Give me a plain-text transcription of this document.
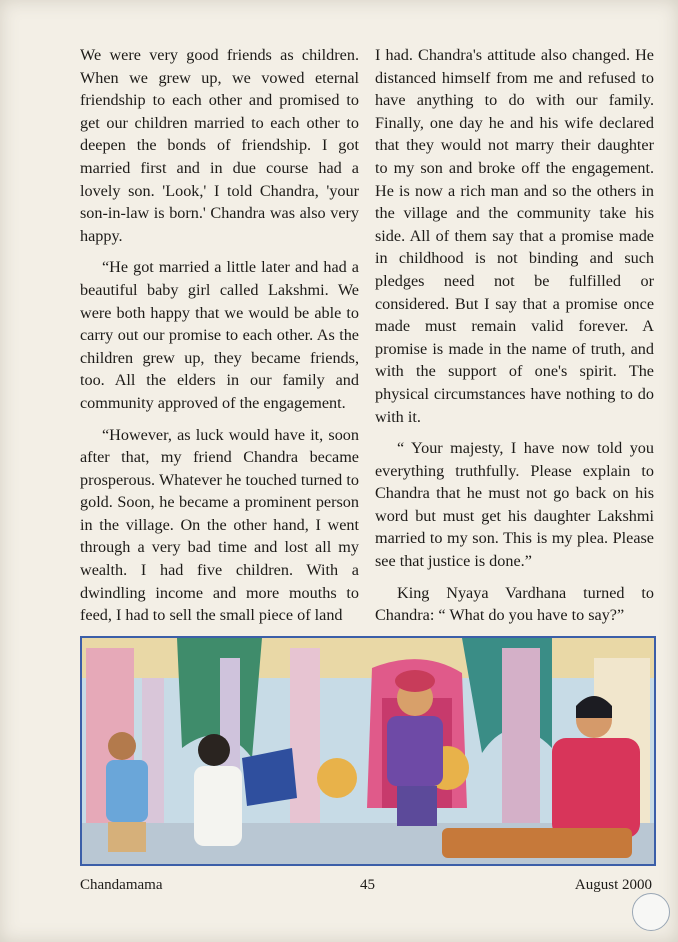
We were very good friends as children. When we grew up, we vowed eternal friendship to each other and promised to get our children married to each other to deepen the bonds of friendship. I got married first and in due course had a lovely son. 'Look,' I told Chandra, 'your son-in-law is born.' Chandra was also very happy.

“He got married a little later and had a beautiful baby girl called Lakshmi. We were both happy that we would be able to carry out our promise to each other. As the children grew up, they became friends, too. All the elders in our family and community approved of the engagement.

“However, as luck would have it, soon after that, my friend Chandra became prosperous. Whatever he touched turned to gold. Soon, he became a prominent person in the village. On the other hand, I went through a very bad time and lost all my wealth. I had five children. With a dwindling income and more mouths to feed, I had to sell the small piece of land

I had. Chandra's attitude also changed. He distanced himself from me and refused to have anything to do with our family. Finally, one day he and his wife declared that they would not marry their daughter to my son and broke off the engagement. He is now a rich man and so the others in the village and the community take his side. All of them say that a promise made in childhood is not binding and such pledges need not be fulfilled or considered. But I say that a promise once made must remain valid forever. A promise is made in the name of truth, and with the support of one's spirit. The physical circumstances have nothing to do with it.

“ Your majesty, I have now told you everything truthfully. Please explain to Chandra that he must not go back on his word but must get his daughter Lakshmi married to my son. This is my plea. Please see that justice is done.”

King Nyaya Vardhana turned to Chandra: “ What do you have to say?”

Chandamama	45	August 2000
